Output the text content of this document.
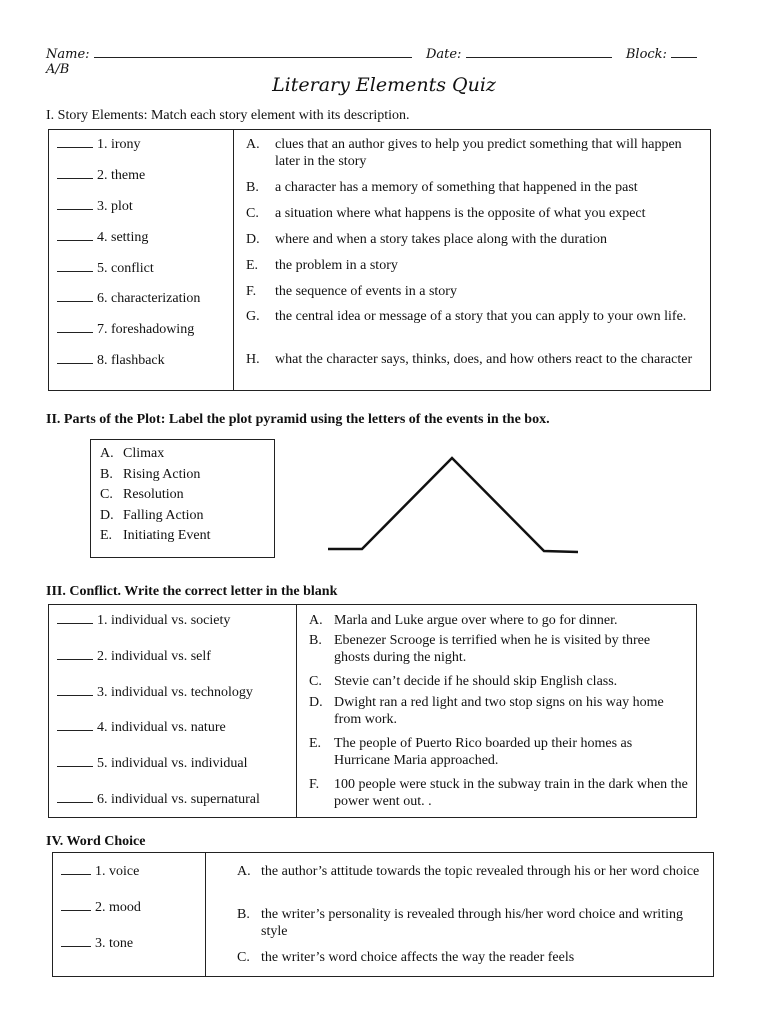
Name:	Date:	Block:  A/B
Literary Elements Quiz
I. Story Elements: Match each story element with its description.
1. irony
2. theme
3. plot
4. setting
5. conflict
6. characterization
7. foreshadowing
8. flashback
A.	clues that an author gives to help you predict something that will happen later in the story
B.	a character has a memory of something that happened in the past
C.	a situation where what happens is the opposite of what you expect
D.	where and when a story takes place along with the duration
E.	the problem in a story
F.	the sequence of events in a story
G.	the central idea or message of a story that you can apply to your own life.
H.	what the character says, thinks, does, and how others react to the character
II. Parts of the Plot: Label the plot pyramid using the letters of the events in the box.
A. Climax
B. Rising Action
C. Resolution
D. Falling Action
E. Initiating Event
III. Conflict. Write the correct letter in the blank
1. individual vs. society
2. individual vs. self
3. individual vs. technology
4. individual vs. nature
5. individual vs. individual
6. individual vs. supernatural
A. Marla and Luke argue over where to go for dinner.
B. Ebenezer Scrooge is terrified when he is visited by three ghosts during the night.
C. Stevie can’t decide if he should skip English class.
D. Dwight ran a red light and two stop signs on his way home from work.
E. The people of Puerto Rico boarded up their homes as Hurricane Maria approached.
F.	100 people were stuck in the subway train in the dark when the power went out. .
IV. Word Choice
1. voice
2. mood
3. tone
A. the author’s attitude towards the topic revealed through his or her word choice
B. the writer’s personality is revealed through his/her word choice and writing style
C. the writer’s word choice affects the way the reader feels
